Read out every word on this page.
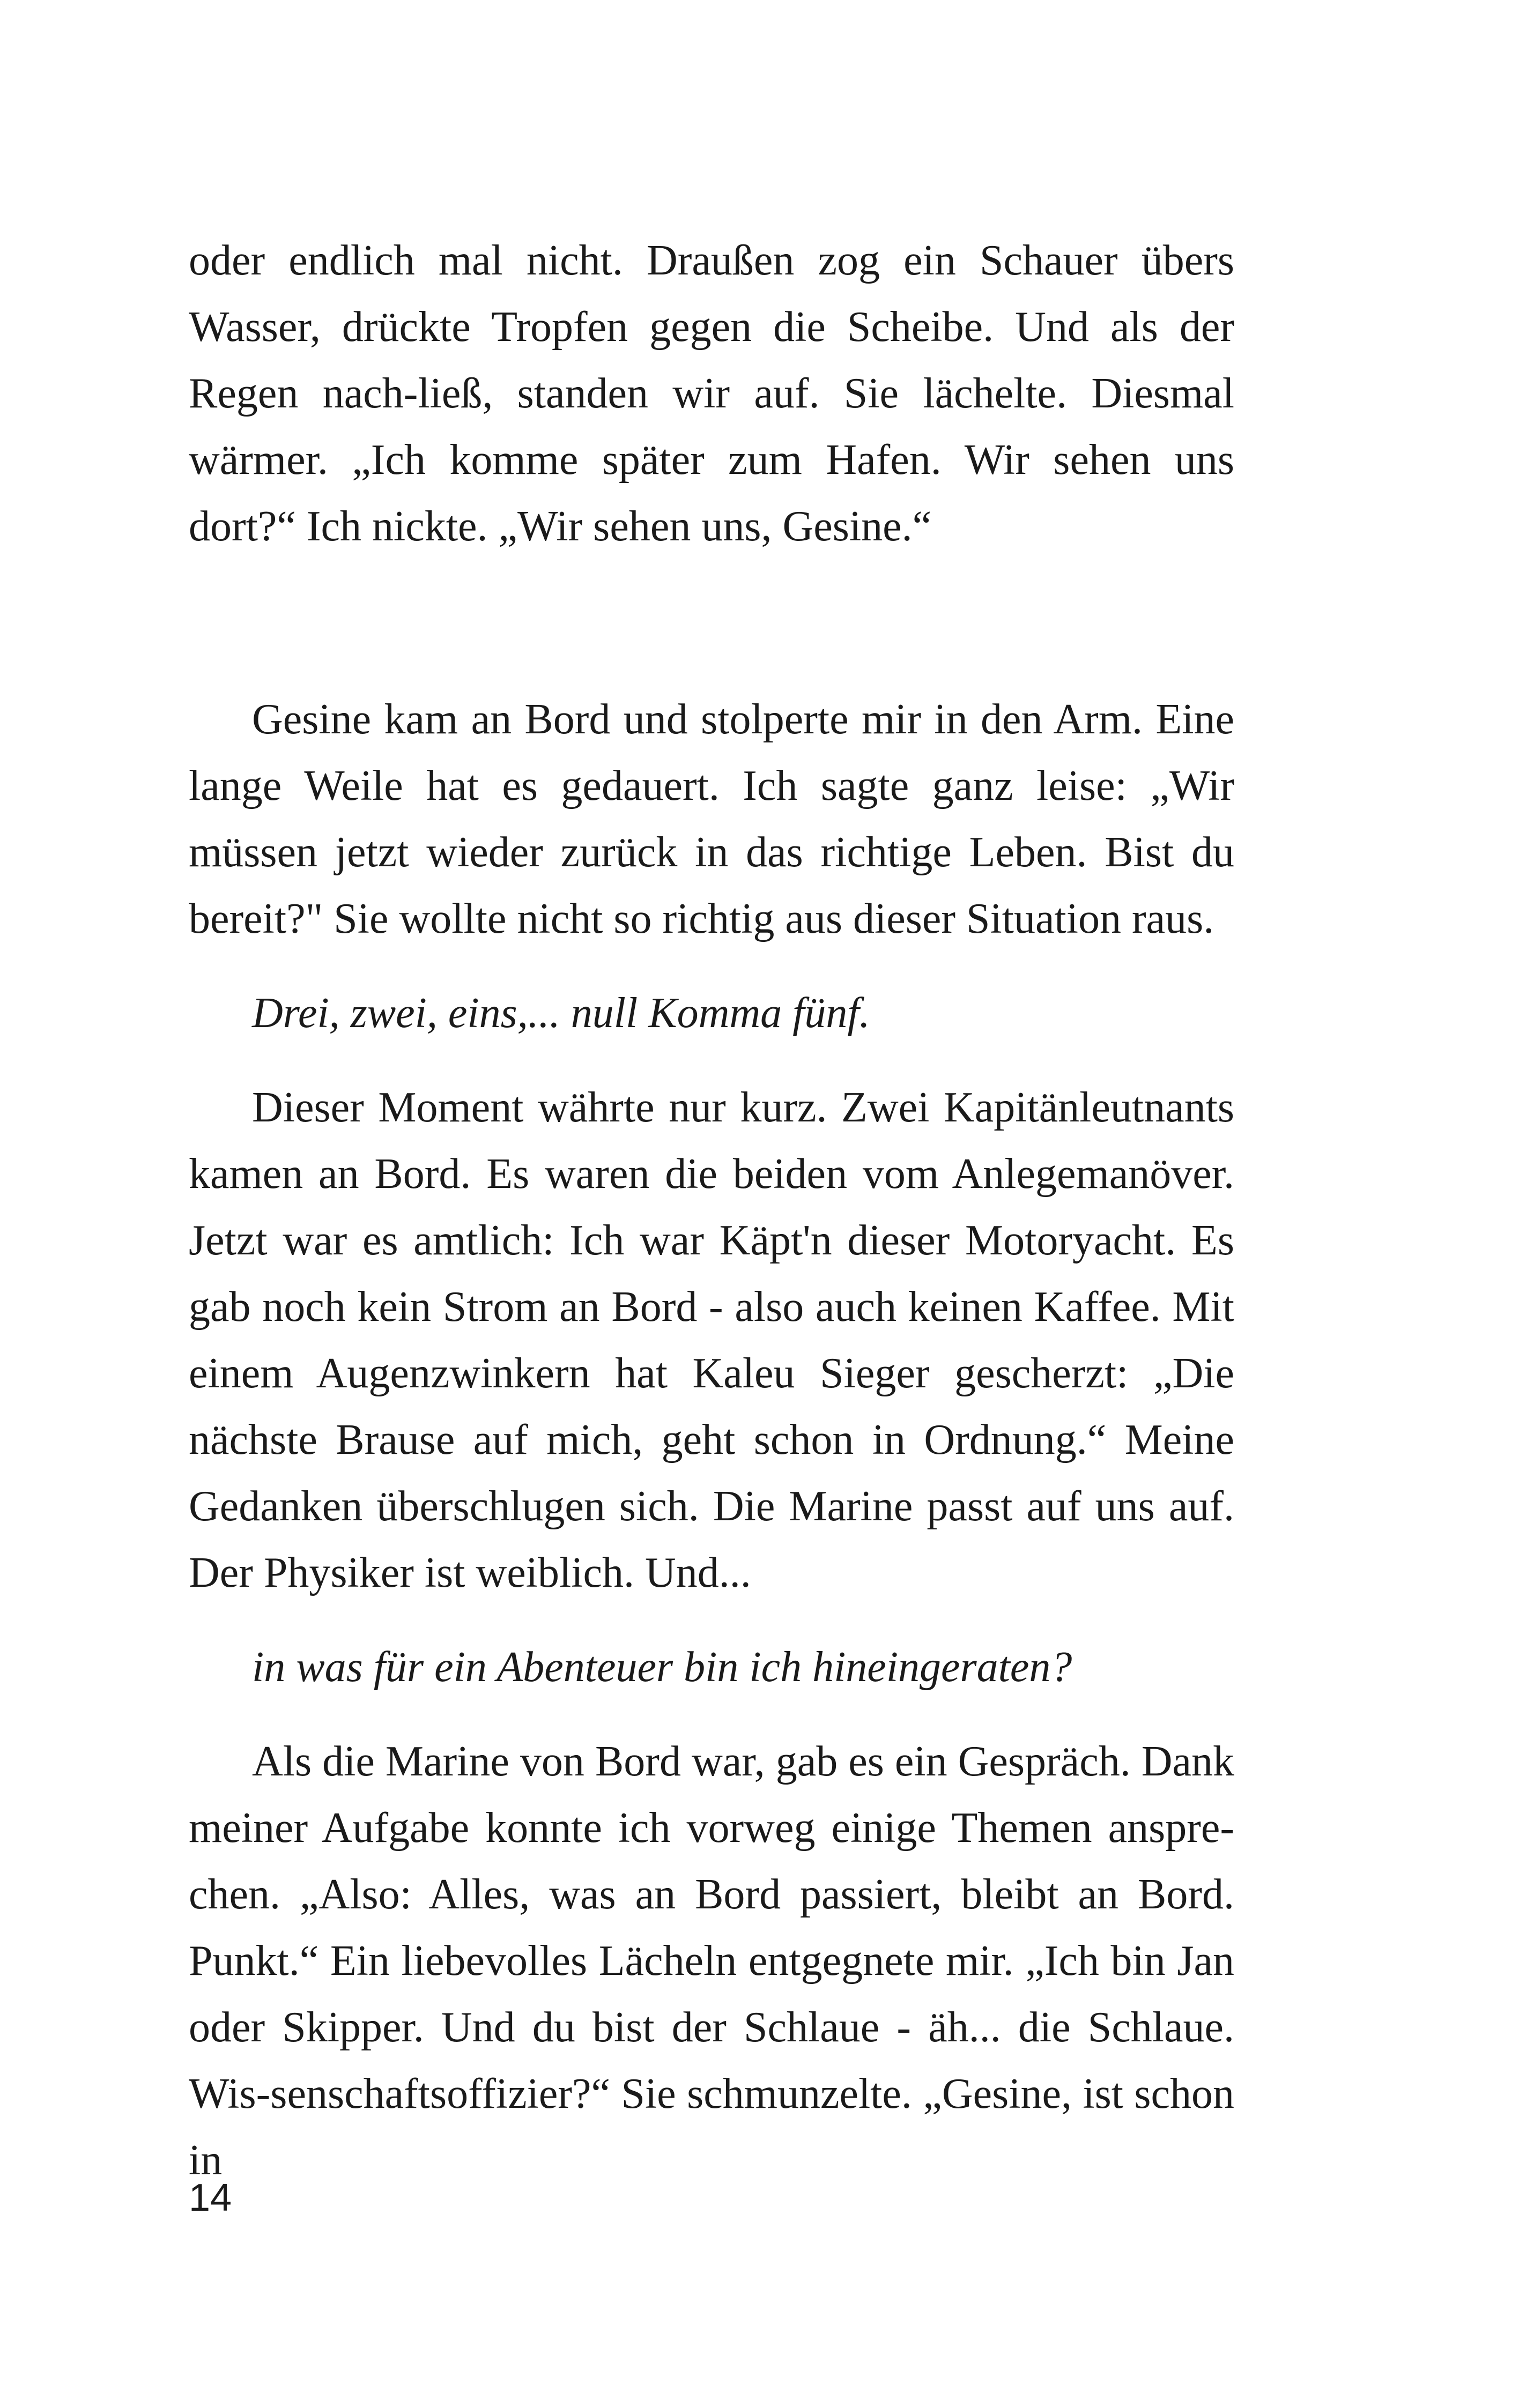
oder endlich mal nicht. Draußen zog ein Schauer übers Wasser, drückte Tropfen gegen die Scheibe. Und als der Regen nach-ließ, standen wir auf. Sie lächelte. Diesmal wärmer. „Ich komme später zum Hafen. Wir sehen uns dort?“ Ich nickte. „Wir sehen uns, Gesine.“

Gesine kam an Bord und stolperte mir in den Arm. Eine lange Weile hat es gedauert. Ich sagte ganz leise: „Wir müssen jetzt wieder zurück in das richtige Leben. Bist du bereit?" Sie wollte nicht so richtig aus dieser Situation raus.

Drei, zwei, eins,... null Komma fünf.

Dieser Moment währte nur kurz. Zwei Kapitänleutnants kamen an Bord. Es waren die beiden vom Anlegemanöver. Jetzt war es amtlich: Ich war Käpt'n dieser Motoryacht. Es gab noch kein Strom an Bord - also auch keinen Kaffee. Mit einem Augenzwinkern hat Kaleu Sieger gescherzt: „Die nächste Brause auf mich, geht schon in Ordnung.“ Meine Gedanken überschlugen sich. Die Marine passt auf uns auf. Der Physiker ist weiblich. Und...

in was für ein Abenteuer bin ich hineingeraten?

Als die Marine von Bord war, gab es ein Gespräch. Dank meiner Aufgabe konnte ich vorweg einige Themen anspre-chen. „Also: Alles, was an Bord passiert, bleibt an Bord. Punkt.“ Ein liebevolles Lächeln entgegnete mir. „Ich bin Jan oder Skipper. Und du bist der Schlaue - äh... die Schlaue. Wis-senschaftsoffizier?“ Sie schmunzelte. „Gesine, ist schon in

14
